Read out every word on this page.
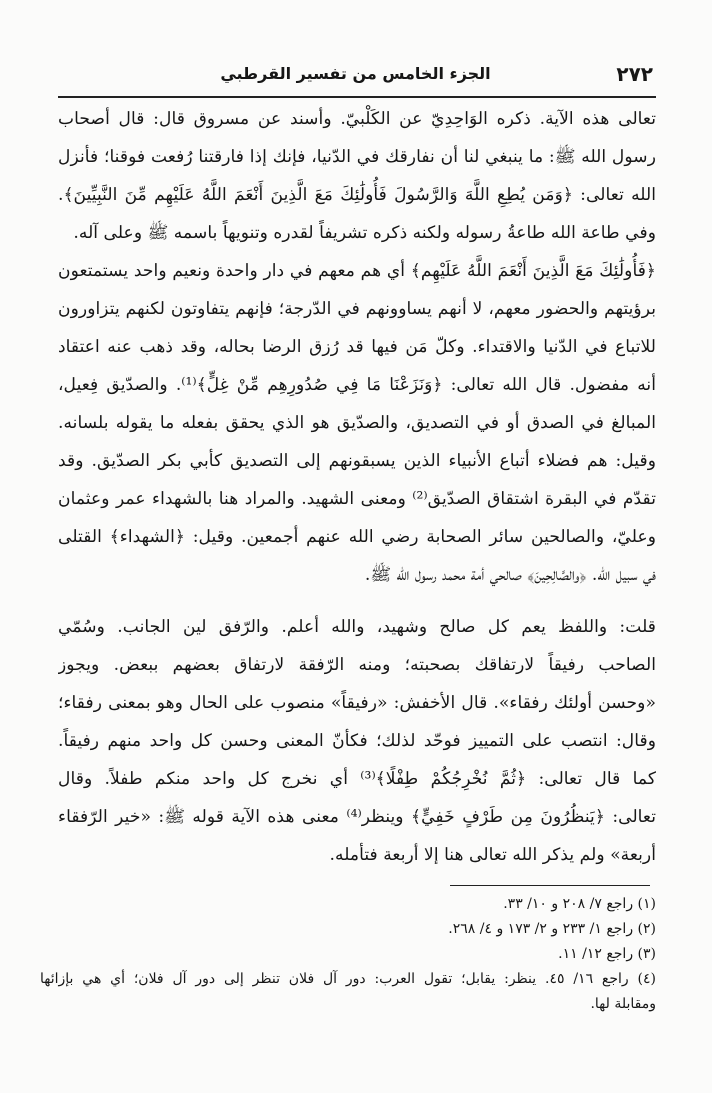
٢٧٢
الجزء الخامس من تفسير القرطبي
تعالى هذه الآية. ذكره الوَاحِدِيّ عن الكَلْبيّ. وأسند عن مسروق قال: قال أصحاب
رسول الله ﷺ: ما ينبغي لنا أن نفارقك في الدّنيا، فإنك إذا فارقتنا رُفعت فوقنا؛ فأنزل
الله تعالى: ﴿وَمَن يُطِعِ اللَّهَ وَالرَّسُولَ فَأُولَٰئِكَ مَعَ الَّذِينَ أَنْعَمَ اللَّهُ عَلَيْهِم مِّنَ النَّبِيِّينَ﴾.
وفي طاعة الله طاعةُ رسوله ولكنه ذكره تشريفاً لقدره وتنويهاً باسمه ﷺ وعلى آله.
﴿فَأُولَٰئِكَ مَعَ الَّذِينَ أَنْعَمَ اللَّهُ عَلَيْهِم﴾ أي هم معهم في دار واحدة ونعيم واحد يستمتعون
برؤيتهم والحضور معهم، لا أنهم يساوونهم في الدّرجة؛ فإنهم يتفاوتون لكنهم يتزاورون
للاتباع في الدّنيا والاقتداء. وكلّ مَن فيها قد رُزق الرضا بحاله، وقد ذهب عنه اعتقاد
أنه مفضول. قال الله تعالى: ﴿وَنَزَعْنَا مَا فِي صُدُورِهِم مِّنْ غِلٍّ﴾⁽¹⁾. والصدّيق فِعيل،
المبالغ في الصدق أو في التصديق، والصدّيق هو الذي يحقق بفعله ما يقوله بلسانه.
وقيل: هم فضلاء أتباع الأنبياء الذين يسبقونهم إلى التصديق كأبي بكر الصدّيق. وقد
تقدّم في البقرة اشتقاق الصدّيق⁽²⁾ ومعنى الشهيد. والمراد هنا بالشهداء عمر وعثمان
وعليّ، والصالحين سائر الصحابة رضي الله عنهم أجمعين. وقيل: ﴿الشهداء﴾ القتلى
في سبيل الله. ﴿والصَّالِحِينَ﴾ صالحي أمة محمد رسول الله ﷺ.
قلت: واللفظ يعم كل صالح وشهيد، والله أعلم. والرّفق لين الجانب. وسُمّي
الصاحب رفيقاً لارتفاقك بصحبته؛ ومنه الرّفقة لارتفاق بعضهم ببعض. ويجوز
«وحسن أولئك رفقاء». قال الأخفش: «رفيقاً» منصوب على الحال وهو بمعنى رفقاء؛
وقال: انتصب على التمييز فوحّد لذلك؛ فكأنّ المعنى وحسن كل واحد منهم رفيقاً.
كما قال تعالى: ﴿ثُمَّ نُخْرِجُكُمْ طِفْلًا﴾⁽³⁾ أي نخرج كل واحد منكم طفلاً. وقال
تعالى: ﴿يَنظُرُونَ مِن طَرْفٍ خَفِيٍّ﴾ وينظر⁽⁴⁾ معنى هذه الآية قوله ﷺ: «خير الرّفقاء
أربعة» ولم يذكر الله تعالى هنا إلا أربعة فتأمله.
(١) راجع ٧/ ٢٠٨ و ١٠/ ٣٣.
(٢) راجع ١/ ٢٣٣ و ٢/ ١٧٣ و ٤/ ٢٦٨.
(٣) راجع ١٢/ ١١.
(٤) راجع ١٦/ ٤٥. ينظر: يقابل؛ تقول العرب: دور آل فلان تنظر إلى دور آل فلان؛ أي هي بإزائها
ومقابلة لها.
